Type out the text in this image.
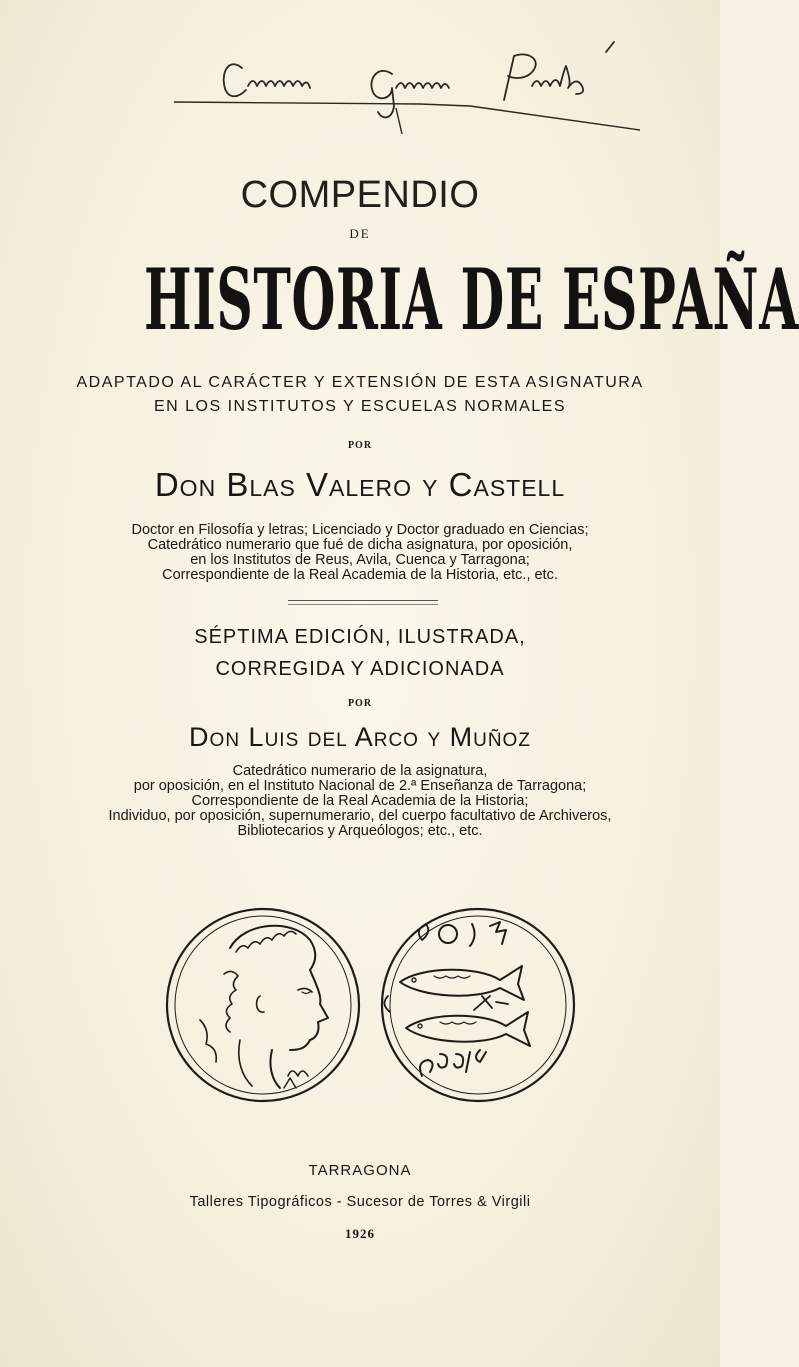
COMPENDIO
DE
HISTORIA DE ESPAÑA
ADAPTADO AL CARÁCTER Y EXTENSIÓN DE ESTA ASIGNATURA
EN LOS INSTITUTOS Y ESCUELAS NORMALES
POR
Don Blas Valero y Castell
Doctor en Filosofía y letras; Licenciado y Doctor graduado en Ciencias;
Catedrático numerario que fué de dicha asignatura, por oposición,
en los Institutos de Reus, Avila, Cuenca y Tarragona;
Correspondiente de la Real Academia de la Historia, etc., etc.
SÉPTIMA EDICIÓN, ILUSTRADA,
CORREGIDA Y ADICIONADA
POR
Don Luis del Arco y Muñoz
Catedrático numerario de la asignatura,
por oposición, en el Instituto Nacional de 2.ª Enseñanza de Tarragona;
Correspondiente de la Real Academia de la Historia;
Individuo, por oposición, supernumerario, del cuerpo facultativo de Archiveros,
Bibliotecarios y Arqueólogos; etc., etc.
TARRAGONA
Talleres Tipográficos - Sucesor de Torres & Virgili
1926
